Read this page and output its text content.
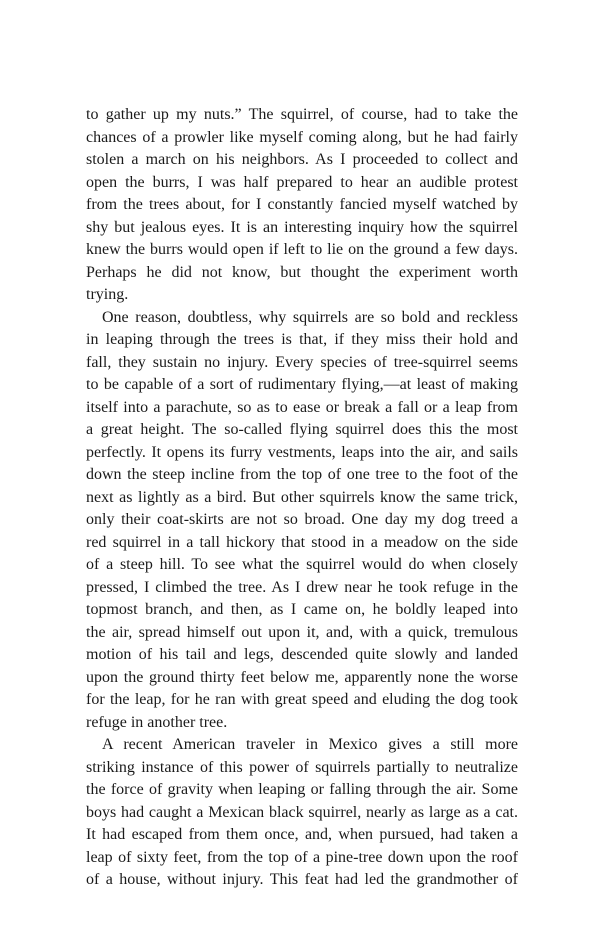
to gather up my nuts.” The squirrel, of course, had to take the
chances of a prowler like myself coming along, but he had fairly
stolen a march on his neighbors. As I proceeded to collect and
open the burrs, I was half prepared to hear an audible protest
from the trees about, for I constantly fancied myself watched by
shy but jealous eyes. It is an interesting inquiry how the squirrel
knew the burrs would open if left to lie on the ground a few days.
Perhaps he did not know, but thought the experiment worth
trying.
One reason, doubtless, why squirrels are so bold and reckless
in leaping through the trees is that, if they miss their hold and
fall, they sustain no injury. Every species of tree-squirrel seems
to be capable of a sort of rudimentary flying,—at least of making
itself into a parachute, so as to ease or break a fall or a leap from
a great height. The so-called flying squirrel does this the most
perfectly. It opens its furry vestments, leaps into the air, and sails
down the steep incline from the top of one tree to the foot of the
next as lightly as a bird. But other squirrels know the same trick,
only their coat-skirts are not so broad. One day my dog treed a
red squirrel in a tall hickory that stood in a meadow on the side
of a steep hill. To see what the squirrel would do when closely
pressed, I climbed the tree. As I drew near he took refuge in the
topmost branch, and then, as I came on, he boldly leaped into
the air, spread himself out upon it, and, with a quick, tremulous
motion of his tail and legs, descended quite slowly and landed
upon the ground thirty feet below me, apparently none the worse
for the leap, for he ran with great speed and eluding the dog took
refuge in another tree.
A recent American traveler in Mexico gives a still more
striking instance of this power of squirrels partially to neutralize
the force of gravity when leaping or falling through the air. Some
boys had caught a Mexican black squirrel, nearly as large as a cat.
It had escaped from them once, and, when pursued, had taken a
leap of sixty feet, from the top of a pine-tree down upon the roof
of a house, without injury. This feat had led the grandmother of
